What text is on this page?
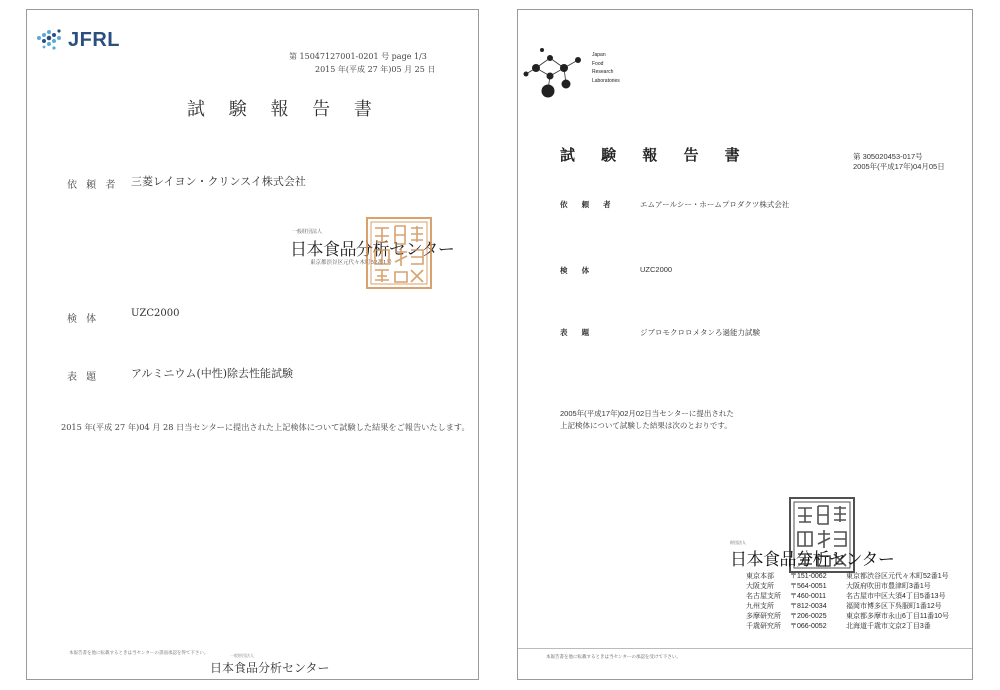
JFRL
第 15047127001-0201 号 page 1/3
2015 年(平成 27 年)05 月 25 日
試 験 報 告 書
依 頼 者 三菱レイヨン・クリンスイ株式会社
一般財団法人
日本食品分析センター
東京都渋谷区元代々木町52番1号
検 体
UZC2000
表 題	アルミニウム(中性)除去性能試験
2015 年(平成 27 年)04 月 28 日当センターに提出された上記検体について試験した結果をご報告いたします。
本報告書を他に転載するときは当センターの書面承認を得て下さい。	一般財団法人
日本食品分析センター
Japan
Food
Research
Laboratories
試 験 報 告 書	第 305020453-017号
2005年(平成17年)04月05日
依 頼 者	エムアールシー・ホームプロダクツ株式会社
検 体	UZC2000
表 題	ジブロモクロロメタンろ過能力試験
2005年(平成17年)02月02日当センターに提出された
上記検体について試験した結果は次のとおりです。
財団法人
日本食品分析センター
東京本部 〒151-0062	東京都渋谷区元代々木町52番1号
大阪支所 〒564-0051	大阪府吹田市豊津町3番1号
名古屋支所 〒460-0011	名古屋市中区大須4丁目5番13号
九州支所 〒812-0034	福岡市博多区下呉服町1番12号
多摩研究所 〒206-0025	東京都多摩市永山6丁目11番10号
千歳研究所 〒066-0052	北海道千歳市文京2丁目3番
本報告書を他に転載するときは当センターの承認を受けて下さい。
